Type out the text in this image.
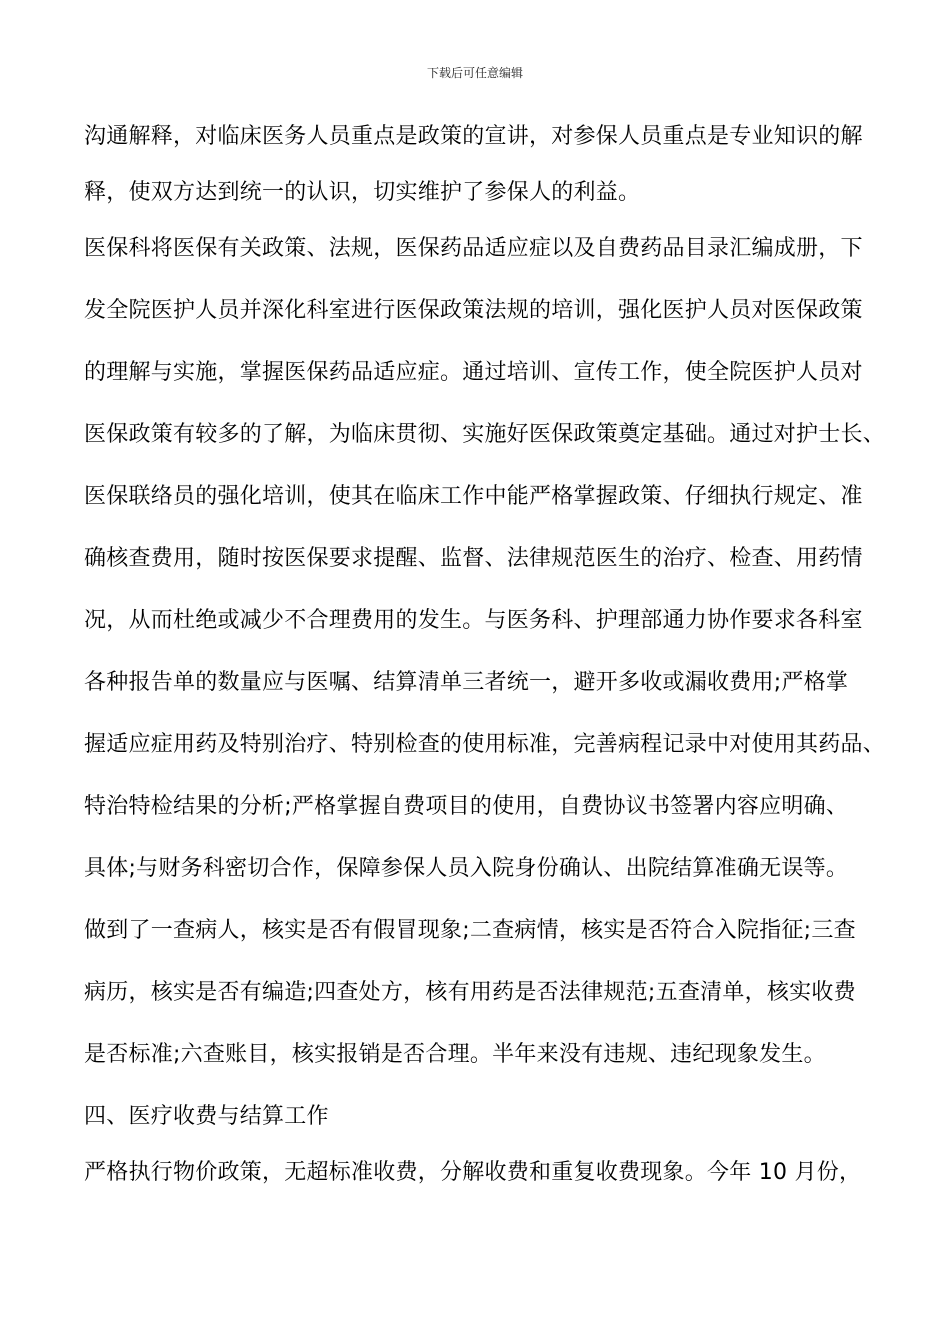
下载后可任意编辑
沟通解释，对临床医务人员重点是政策的宣讲，对参保人员重点是专业知识的解
释，使双方达到统一的认识，切实维护了参保人的利益。
医保科将医保有关政策、法规，医保药品适应症以及自费药品目录汇编成册，下
发全院医护人员并深化科室进行医保政策法规的培训，强化医护人员对医保政策
的理解与实施，掌握医保药品适应症。通过培训、宣传工作，使全院医护人员对
医保政策有较多的了解，为临床贯彻、实施好医保政策奠定基础。通过对护士长、
医保联络员的强化培训，使其在临床工作中能严格掌握政策、仔细执行规定、准
确核查费用，随时按医保要求提醒、监督、法律规范医生的治疗、检查、用药情
况，从而杜绝或减少不合理费用的发生。与医务科、护理部通力协作要求各科室
各种报告单的数量应与医嘱、结算清单三者统一，避开多收或漏收费用;严格掌
握适应症用药及特别治疗、特别检查的使用标准，完善病程记录中对使用其药品、
特治特检结果的分析;严格掌握自费项目的使用，自费协议书签署内容应明确、
具体;与财务科密切合作，保障参保人员入院身份确认、出院结算准确无误等。
做到了一查病人，核实是否有假冒现象;二查病情，核实是否符合入院指征;三查
病历，核实是否有编造;四查处方，核有用药是否法律规范;五查清单，核实收费
是否标准;六查账目，核实报销是否合理。半年来没有违规、违纪现象发生。
四、医疗收费与结算工作
严格执行物价政策，无超标准收费，分解收费和重复收费现象。今年 10 月份，
